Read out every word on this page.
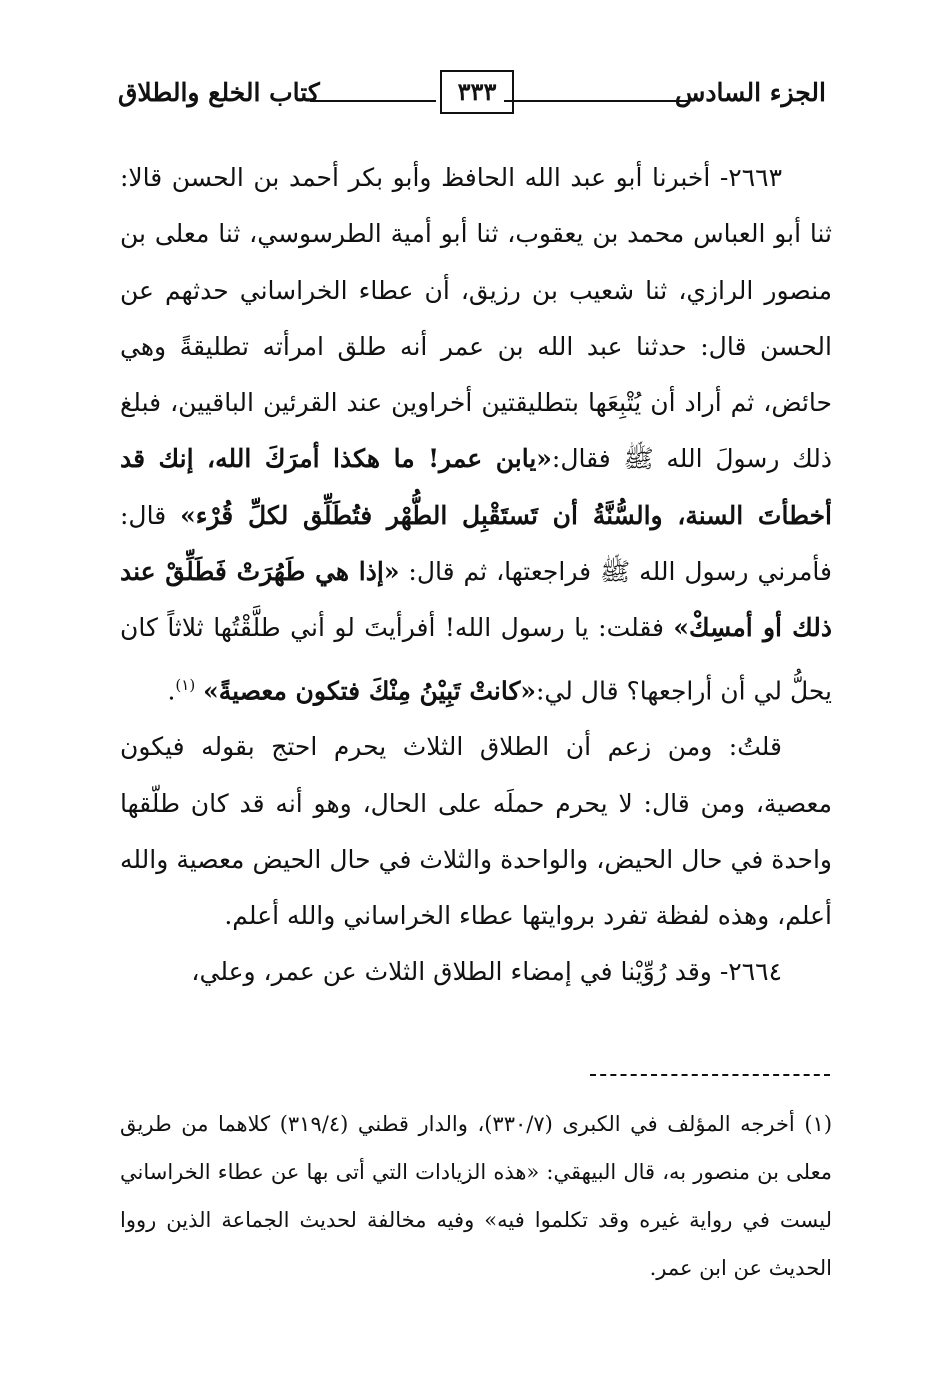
الجزء السادس
٣٣٣
كتاب الخلع والطلاق

٢٦٦٣- أخبرنا أبو عبد الله الحافظ وأبو بكر أحمد بن الحسن قالا: ثنا أبو العباس محمد بن يعقوب، ثنا أبو أمية الطرسوسي، ثنا معلى بن منصور الرازي، ثنا شعيب بن رزيق، أن عطاء الخراساني حدثهم عن الحسن قال: حدثنا عبد الله بن عمر أنه طلق امرأته تطليقةً وهي حائض، ثم أراد أن يُتْبِعَها بتطليقتين أخراوين عند القرئين الباقيين، فبلغ ذلك رسولَ الله ﷺ فقال:«يابن عمر! ما هكذا أمرَكَ الله، إنك قد أخطأتَ السنة، والسُّنَّةُ أن تَستَقْبِل الطُّهْر فتُطَلِّق لكلِّ قُرْء» قال: فأمرني رسول الله ﷺ فراجعتها، ثم قال: «إذا هي طَهُرَتْ فَطَلِّقْ عند ذلك أو أمسِكْ» فقلت: يا رسول الله! أفرأيتَ لو أني طلَّقْتُها ثلاثاً كان يحلُّ لي أن أراجعها؟ قال لي:«كانتْ تَبِيْنُ مِنْكَ فتكون معصيةً» $^{(١)}$.

قلتُ: ومن زعم أن الطلاق الثلاث يحرم احتج بقوله فيكون معصية، ومن قال: لا يحرم حملَه على الحال، وهو أنه قد كان طلّقها واحدة في حال الحيض، والواحدة والثلاث في حال الحيض معصية والله أعلم، وهذه لفظة تفرد بروايتها عطاء الخراساني والله أعلم.

٢٦٦٤- وقد رُوِّيْنا في إمضاء الطلاق الثلاث عن عمر، وعلي،

(١) أخرجه المؤلف في الكبرى (٣٣٠/٧)، والدار قطني (٣١٩/٤) كلاهما من طريق معلى بن منصور به، قال البيهقي: «هذه الزيادات التي أتى بها عن عطاء الخراساني ليست في رواية غيره وقد تكلموا فيه» وفيه مخالفة لحديث الجماعة الذين رووا الحديث عن ابن عمر.
